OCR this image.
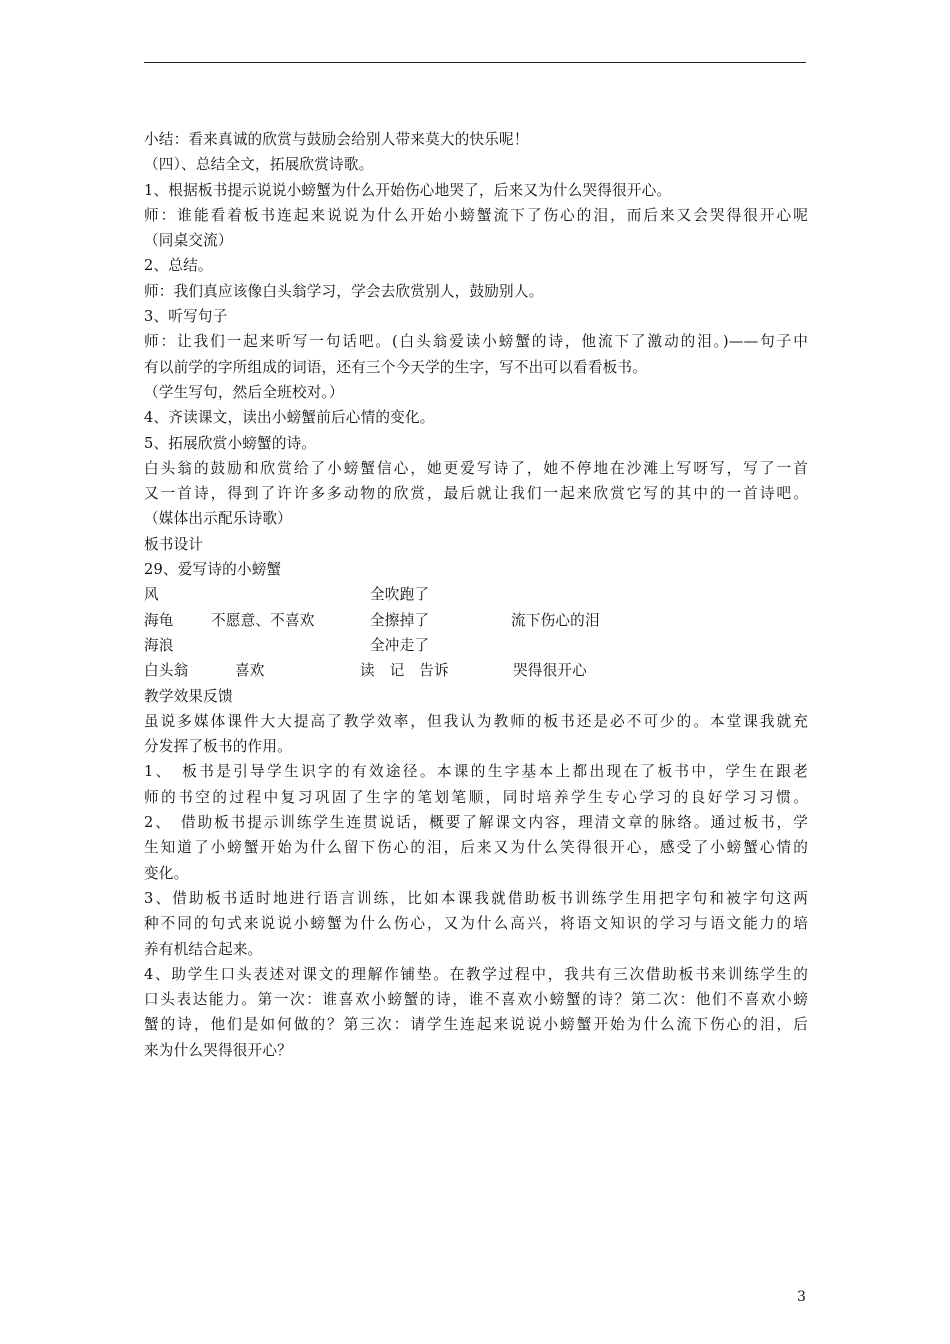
小结：看来真诚的欣赏与鼓励会给别人带来莫大的快乐呢！
（四）、总结全文，拓展欣赏诗歌。
1、根据板书提示说说小螃蟹为什么开始伤心地哭了，后来又为什么哭得很开心。
师：谁能看着板书连起来说说为什么开始小螃蟹流下了伤心的泪，而后来又会哭得很开心呢
（同桌交流）
2、总结。
师：我们真应该像白头翁学习，学会去欣赏别人，鼓励别人。
3、听写句子
师：让我们一起来听写一句话吧。(白头翁爱读小螃蟹的诗，他流下了激动的泪。)——句子中
有以前学的字所组成的词语，还有三个今天学的生字，写不出可以看看板书。
（学生写句，然后全班校对。）
4、齐读课文，读出小螃蟹前后心情的变化。
5、拓展欣赏小螃蟹的诗。
白头翁的鼓励和欣赏给了小螃蟹信心，她更爱写诗了，她不停地在沙滩上写呀写，写了一首
又一首诗，得到了许许多多动物的欣赏，最后就让我们一起来欣赏它写的其中的一首诗吧。
（媒体出示配乐诗歌）
板书设计
29、爱写诗的小螃蟹
风	全吹跑了
海龟	不愿意、不喜欢	全擦掉了	流下伤心的泪
海浪	全冲走了
白头翁	喜欢	读　记　告诉	哭得很开心
教学效果反馈
虽说多媒体课件大大提高了教学效率，但我认为教师的板书还是必不可少的。本堂课我就充
分发挥了板书的作用。
1、　板书是引导学生识字的有效途径。本课的生字基本上都出现在了板书中，学生在跟老
师的书空的过程中复习巩固了生字的笔划笔顺，同时培养学生专心学习的良好学习习惯。
2、　借助板书提示训练学生连贯说话，概要了解课文内容，理清文章的脉络。通过板书，学
生知道了小螃蟹开始为什么留下伤心的泪，后来又为什么笑得很开心，感受了小螃蟹心情的
变化。
3、借助板书适时地进行语言训练，比如本课我就借助板书训练学生用把字句和被字句这两
种不同的句式来说说小螃蟹为什么伤心，又为什么高兴，将语文知识的学习与语文能力的培
养有机结合起来。
4、助学生口头表述对课文的理解作铺垫。在教学过程中，我共有三次借助板书来训练学生的
口头表达能力。第一次：谁喜欢小螃蟹的诗，谁不喜欢小螃蟹的诗？第二次：他们不喜欢小螃
蟹的诗，他们是如何做的？第三次：请学生连起来说说小螃蟹开始为什么流下伤心的泪，后
来为什么哭得很开心？
3
